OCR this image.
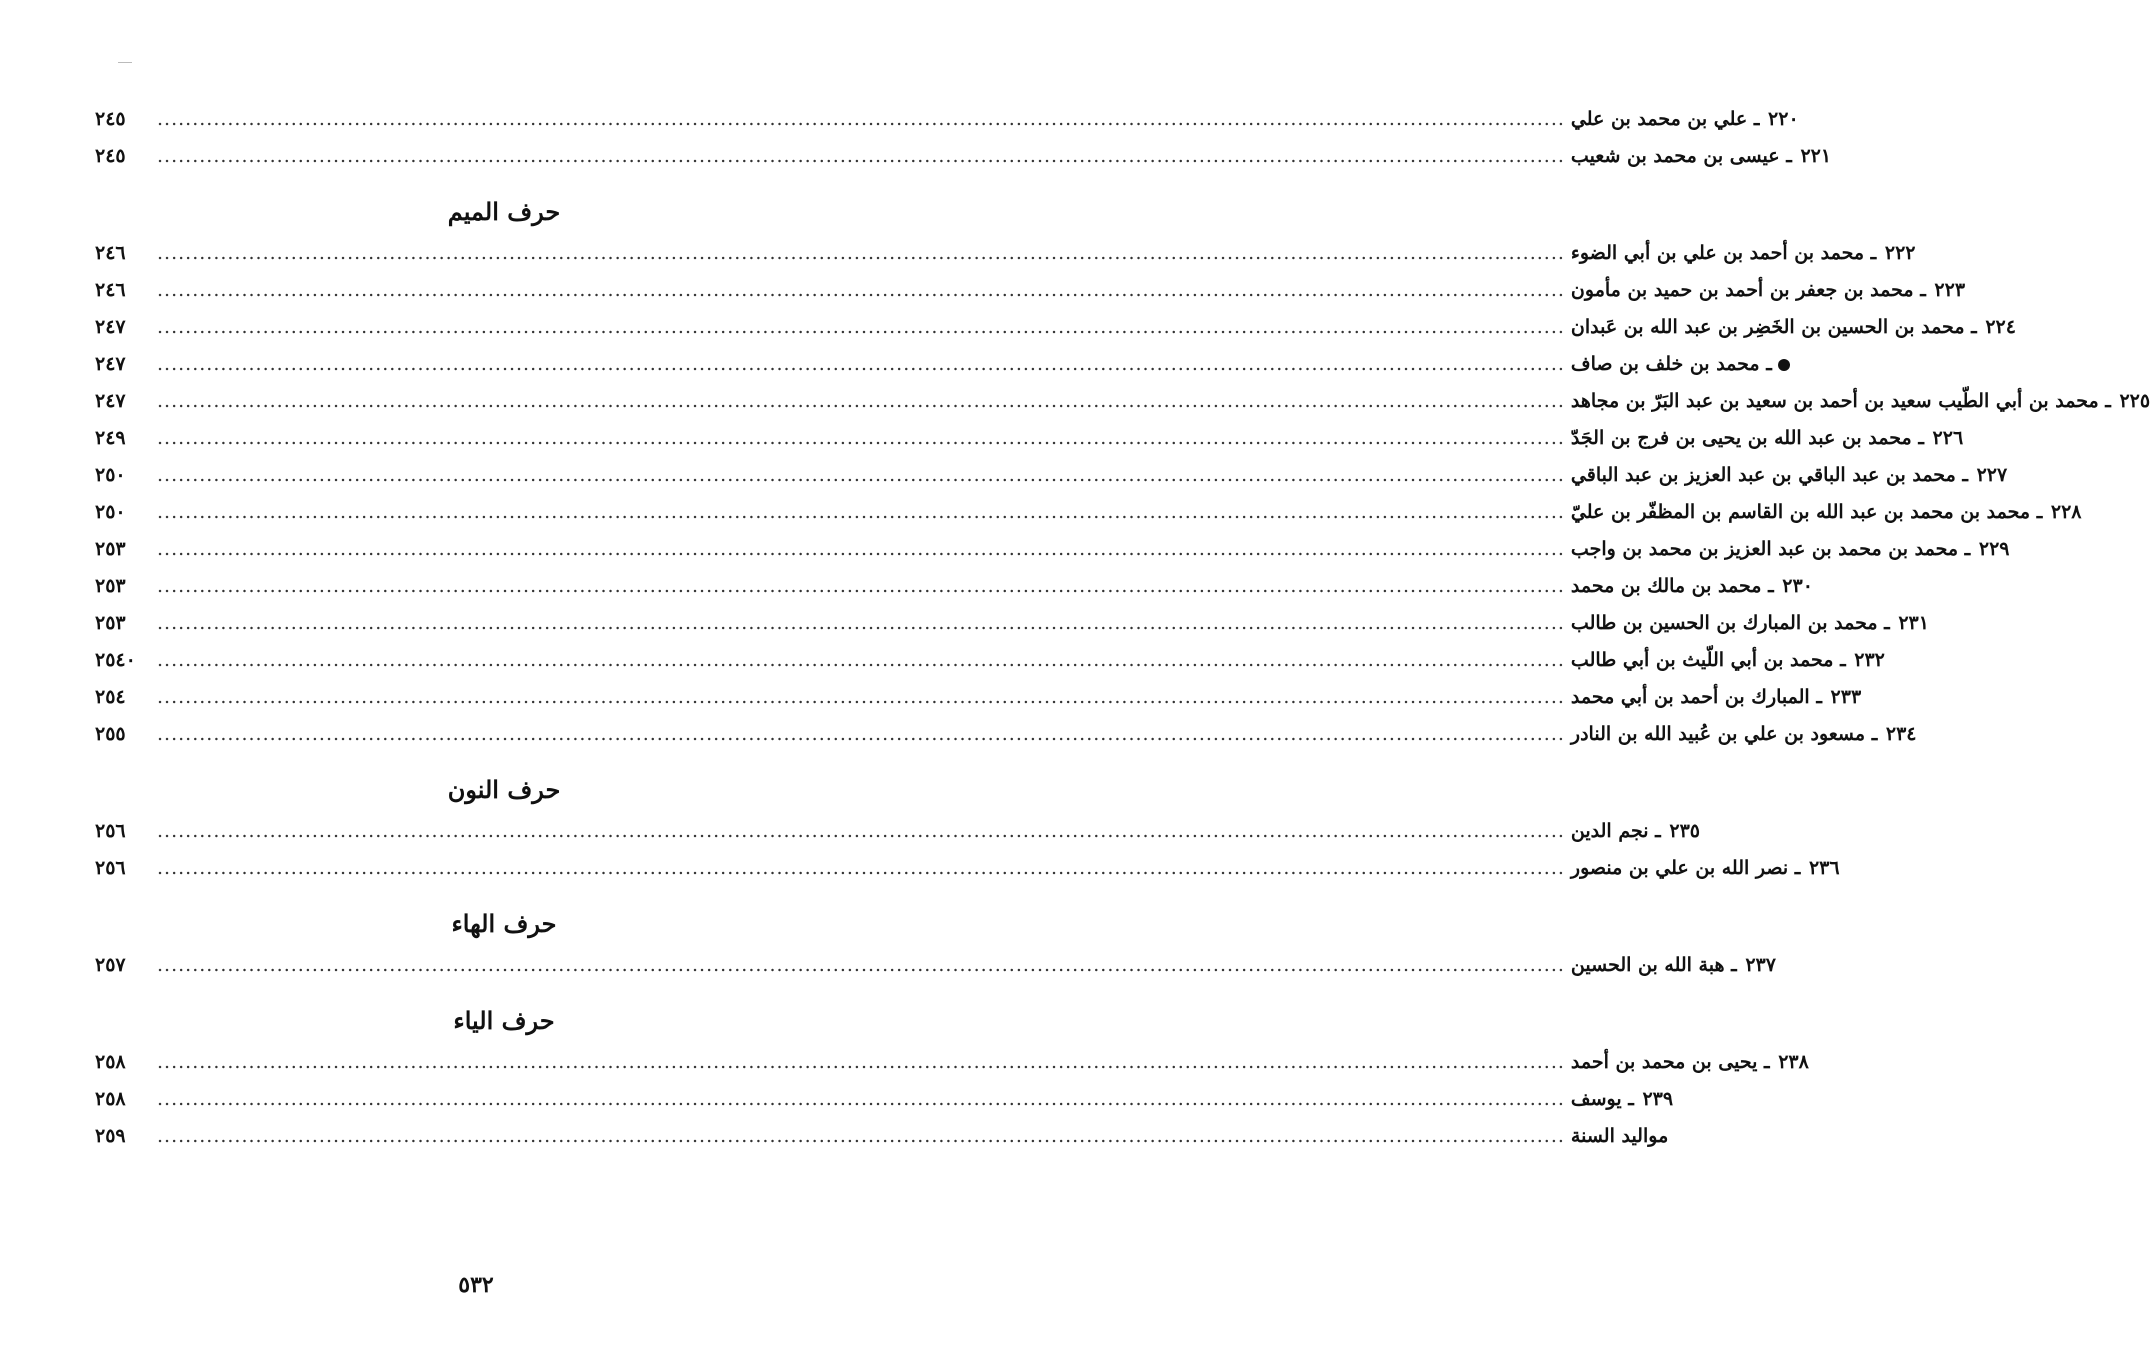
٢٤٥	........................................................................................................................................................................................................	٢٢٠ ـ علي بن محمد بن علي
٢٤٥	........................................................................................................................................................................................................	٢٢١ ـ عيسى بن محمد بن شعيب
حرف الميم
٢٤٦	........................................................................................................................................................................................................	٢٢٢ ـ محمد بن أحمد بن علي بن أبي الضوء
٢٤٦	........................................................................................................................................................................................................	٢٢٣ ـ محمد بن جعفر بن أحمد بن حميد بن مأمون
٢٤٧	........................................................................................................................................................................................................	٢٢٤ ـ محمد بن الحسين بن الخَضِر بن عبد الله بن عَبدان
٢٤٧	........................................................................................................................................................................................................	ـ محمد بن خلف بن صاف
٢٤٧	........................................................................................................................................................................................................	٢٢٥ ـ محمد بن أبي الطّيب سعيد بن أحمد بن سعيد بن عبد البَرّ بن مجاهد
٢٤٩	........................................................................................................................................................................................................	٢٢٦ ـ محمد بن عبد الله بن يحيى بن فرج بن الجَدّ
٢٥٠	........................................................................................................................................................................................................	٢٢٧ ـ محمد بن عبد الباقي بن عبد العزيز بن عبد الباقي
٢٥٠	........................................................................................................................................................................................................	٢٢٨ ـ محمد بن محمد بن عبد الله بن القاسم بن المظفّر بن عليّ
٢٥٣	........................................................................................................................................................................................................	٢٢٩ ـ محمد بن محمد بن عبد العزيز بن محمد بن واجب
٢٥٣	........................................................................................................................................................................................................	٢٣٠ ـ محمد بن مالك بن محمد
٢٥٣	........................................................................................................................................................................................................	٢٣١ ـ محمد بن المبارك بن الحسين بن طالب
٢٥٤٠	........................................................................................................................................................................................................	٢٣٢ ـ محمد بن أبي اللّيث بن أبي طالب
٢٥٤	........................................................................................................................................................................................................	٢٣٣ ـ المبارك بن أحمد بن أبي محمد
٢٥٥	........................................................................................................................................................................................................	٢٣٤ ـ مسعود بن علي بن عُبيد الله بن النادر
حرف النون
٢٥٦	........................................................................................................................................................................................................	٢٣٥ ـ نجم الدين
٢٥٦	........................................................................................................................................................................................................	٢٣٦ ـ نصر الله بن علي بن منصور
حرف الهاء
٢٥٧	........................................................................................................................................................................................................	٢٣٧ ـ هبة الله بن الحسين
حرف الياء
٢٥٨	........................................................................................................................................................................................................	٢٣٨ ـ يحيى بن محمد بن أحمد
٢٥٨	........................................................................................................................................................................................................	٢٣٩ ـ يوسف
٢٥٩	........................................................................................................................................................................................................ مواليد السنة
٥٣٢
